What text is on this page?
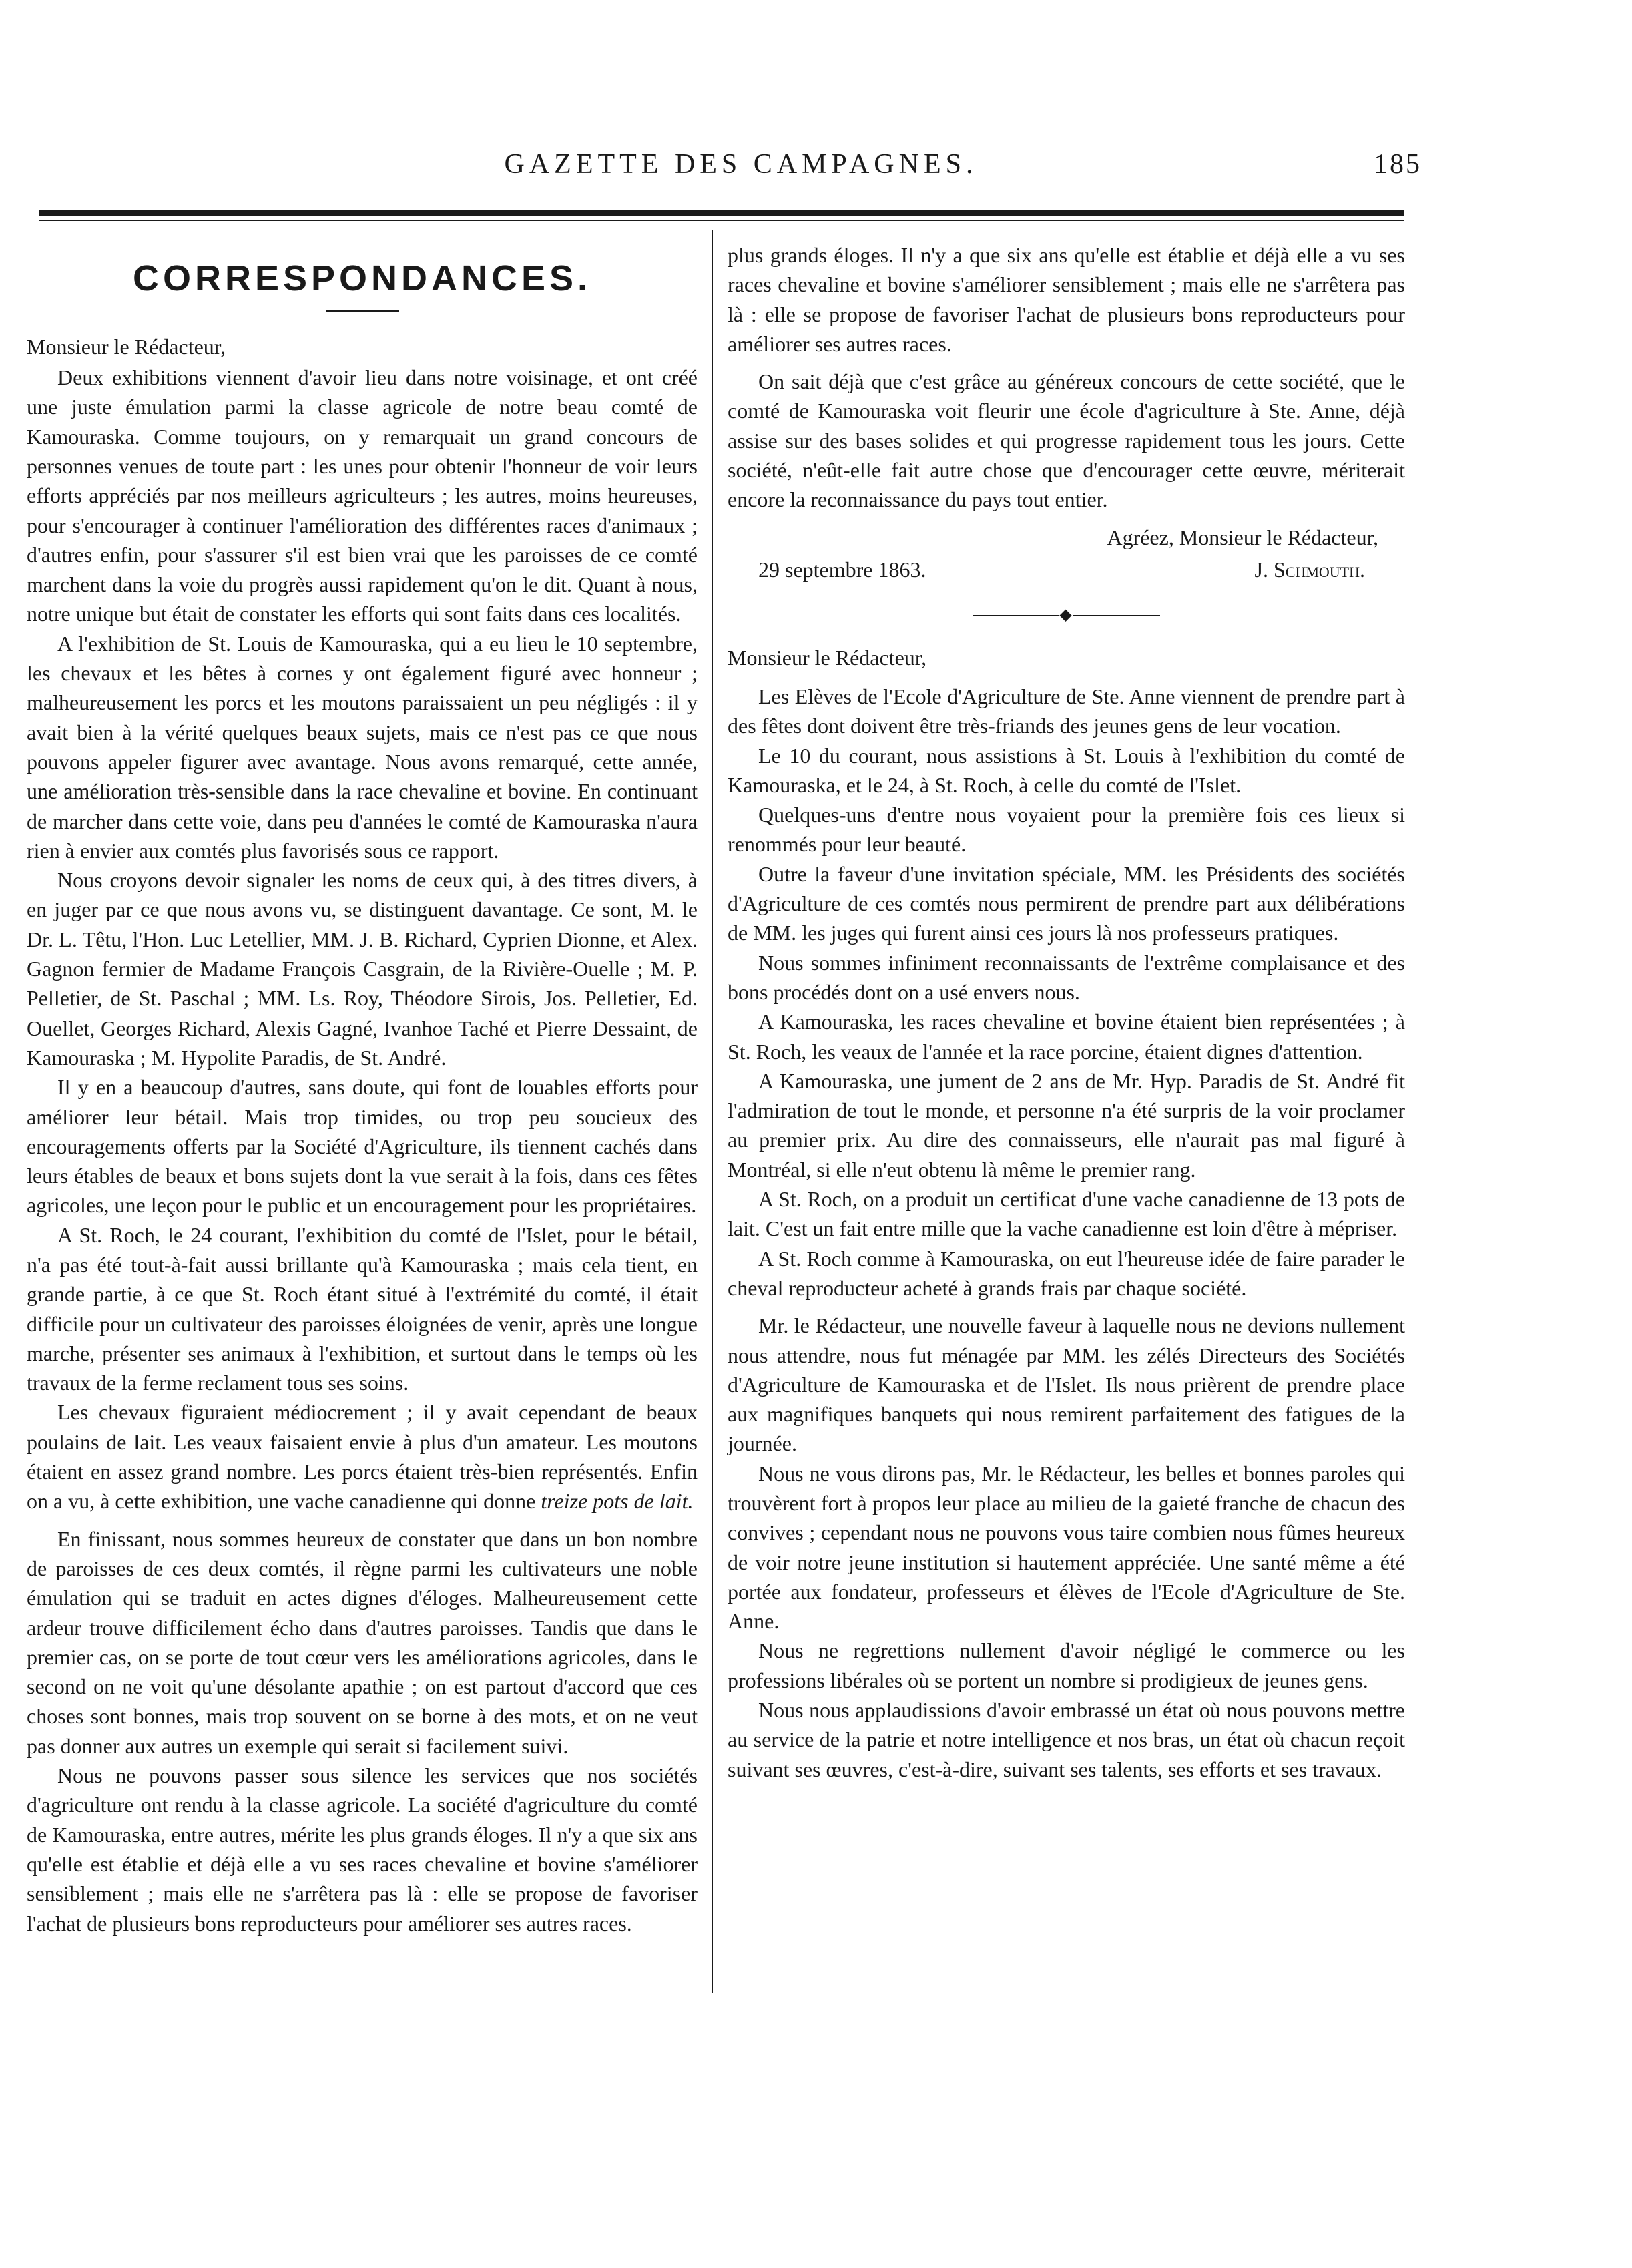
GAZETTE DES CAMPAGNES.	185
CORRESPONDANCES.

Monsieur le Rédacteur,

Deux exhibitions viennent d'avoir lieu dans notre voisinage, et ont créé une juste émulation parmi la classe agricole de notre beau comté de Kamouraska. Comme toujours, on y remarquait un grand concours de personnes venues de toute part : les unes pour obtenir l'honneur de voir leurs efforts appréciés par nos meilleurs agriculteurs ; les autres, moins heureuses, pour s'encourager à continuer l'amélioration des différentes races d'animaux ; d'autres enfin, pour s'assurer s'il est bien vrai que les paroisses de ce comté marchent dans la voie du progrès aussi rapidement qu'on le dit. Quant à nous, notre unique but était de constater les efforts qui sont faits dans ces localités.

A l'exhibition de St. Louis de Kamouraska, qui a eu lieu le 10 septembre, les chevaux et les bêtes à cornes y ont également figuré avec honneur ; malheureusement les porcs et les moutons paraissaient un peu négligés : il y avait bien à la vérité quelques beaux sujets, mais ce n'est pas ce que nous pouvons appeler figurer avec avantage. Nous avons remarqué, cette année, une amélioration très-sensible dans la race chevaline et bovine. En continuant de marcher dans cette voie, dans peu d'années le comté de Kamouraska n'aura rien à envier aux comtés plus favorisés sous ce rapport.

Nous croyons devoir signaler les noms de ceux qui, à des titres divers, à en juger par ce que nous avons vu, se distinguent davantage. Ce sont, M. le Dr. L. Têtu, l'Hon. Luc Letellier, MM. J. B. Richard, Cyprien Dionne, et Alex. Gagnon fermier de Madame François Casgrain, de la Rivière-Ouelle ; M. P. Pelletier, de St. Paschal ; MM. Ls. Roy, Théodore Sirois, Jos. Pelletier, Ed. Ouellet, Georges Richard, Alexis Gagné, Ivanhoe Taché et Pierre Dessaint, de Kamouraska ; M. Hypolite Paradis, de St. André.

Il y en a beaucoup d'autres, sans doute, qui font de louables efforts pour améliorer leur bétail. Mais trop timides, ou trop peu soucieux des encouragements offerts par la Société d'Agriculture, ils tiennent cachés dans leurs étables de beaux et bons sujets dont la vue serait à la fois, dans ces fêtes agricoles, une leçon pour le public et un encouragement pour les propriétaires.

A St. Roch, le 24 courant, l'exhibition du comté de l'Islet, pour le bétail, n'a pas été tout-à-fait aussi brillante qu'à Kamouraska ; mais cela tient, en grande partie, à ce que St. Roch étant situé à l'extrémité du comté, il était difficile pour un cultivateur des paroisses éloignées de venir, après une longue marche, présenter ses animaux à l'exhibition, et surtout dans le temps où les travaux de la ferme reclament tous ses soins.

Les chevaux figuraient médiocrement ; il y avait cependant de beaux poulains de lait. Les veaux faisaient envie à plus d'un amateur. Les moutons étaient en assez grand nombre. Les porcs étaient très-bien représentés. Enfin on a vu, à cette exhibition, une vache canadienne qui donne treize pots de lait.

En finissant, nous sommes heureux de constater que dans un bon nombre de paroisses de ces deux comtés, il règne parmi les cultivateurs une noble émulation qui se traduit en actes dignes d'éloges. Malheureusement cette ardeur trouve difficilement écho dans d'autres paroisses. Tandis que dans le premier cas, on se porte de tout cœur vers les améliorations agricoles, dans le second on ne voit qu'une désolante apathie ; on est partout d'accord que ces choses sont bonnes, mais trop souvent on se borne à des mots, et on ne veut pas donner aux autres un exemple qui serait si facilement suivi.

Nous ne pouvons passer sous silence les services que nos sociétés d'agriculture ont rendu à la classe agricole. La société d'agriculture du comté de Kamouraska, entre autres, mérite les plus grands éloges. Il n'y a que six ans qu'elle est établie et déjà elle a vu ses races chevaline et bovine s'améliorer sensiblement ; mais elle ne s'arrêtera pas là : elle se propose de favoriser l'achat de plusieurs bons reproducteurs pour améliorer ses autres races.

plus grands éloges. Il n'y a que six ans qu'elle est établie et déjà elle a vu ses races chevaline et bovine s'améliorer sensiblement ; mais elle ne s'arrêtera pas là : elle se propose de favoriser l'achat de plusieurs bons reproducteurs pour améliorer ses autres races.

On sait déjà que c'est grâce au généreux concours de cette société, que le comté de Kamouraska voit fleurir une école d'agriculture à Ste. Anne, déjà assise sur des bases solides et qui progresse rapidement tous les jours. Cette société, n'eût-elle fait autre chose que d'encourager cette œuvre, mériterait encore la reconnaissance du pays tout entier.

Agréez, Monsieur le Rédacteur,
29 septembre 1863.	J. Schmouth.
◆

Monsieur le Rédacteur,

Les Elèves de l'Ecole d'Agriculture de Ste. Anne viennent de prendre part à des fêtes dont doivent être très-friands des jeunes gens de leur vocation.

Le 10 du courant, nous assistions à St. Louis à l'exhibition du comté de Kamouraska, et le 24, à St. Roch, à celle du comté de l'Islet.

Quelques-uns d'entre nous voyaient pour la première fois ces lieux si renommés pour leur beauté.

Outre la faveur d'une invitation spéciale, MM. les Présidents des sociétés d'Agriculture de ces comtés nous permirent de prendre part aux délibérations de MM. les juges qui furent ainsi ces jours là nos professeurs pratiques.

Nous sommes infiniment reconnaissants de l'extrême complaisance et des bons procédés dont on a usé envers nous.

A Kamouraska, les races chevaline et bovine étaient bien représentées ; à St. Roch, les veaux de l'année et la race porcine, étaient dignes d'attention.

A Kamouraska, une jument de 2 ans de Mr. Hyp. Paradis de St. André fit l'admiration de tout le monde, et personne n'a été surpris de la voir proclamer au premier prix. Au dire des connaisseurs, elle n'aurait pas mal figuré à Montréal, si elle n'eut obtenu là même le premier rang.

A St. Roch, on a produit un certificat d'une vache canadienne de 13 pots de lait. C'est un fait entre mille que la vache canadienne est loin d'être à mépriser.

A St. Roch comme à Kamouraska, on eut l'heureuse idée de faire parader le cheval reproducteur acheté à grands frais par chaque société.

Mr. le Rédacteur, une nouvelle faveur à laquelle nous ne devions nullement nous attendre, nous fut ménagée par MM. les zélés Directeurs des Sociétés d'Agriculture de Kamouraska et de l'Islet. Ils nous prièrent de prendre place aux magnifiques banquets qui nous remirent parfaitement des fatigues de la journée.

Nous ne vous dirons pas, Mr. le Rédacteur, les belles et bonnes paroles qui trouvèrent fort à propos leur place au milieu de la gaieté franche de chacun des convives ; cependant nous ne pouvons vous taire combien nous fûmes heureux de voir notre jeune institution si hautement appréciée. Une santé même a été portée aux fondateur, professeurs et élèves de l'Ecole d'Agriculture de Ste. Anne.

Nous ne regrettions nullement d'avoir négligé le commerce ou les professions libérales où se portent un nombre si prodigieux de jeunes gens.

Nous nous applaudissions d'avoir embrassé un état où nous pouvons mettre au service de la patrie et notre intelligence et nos bras, un état où chacun reçoit suivant ses œuvres, c'est-à-dire, suivant ses talents, ses efforts et ses travaux.
